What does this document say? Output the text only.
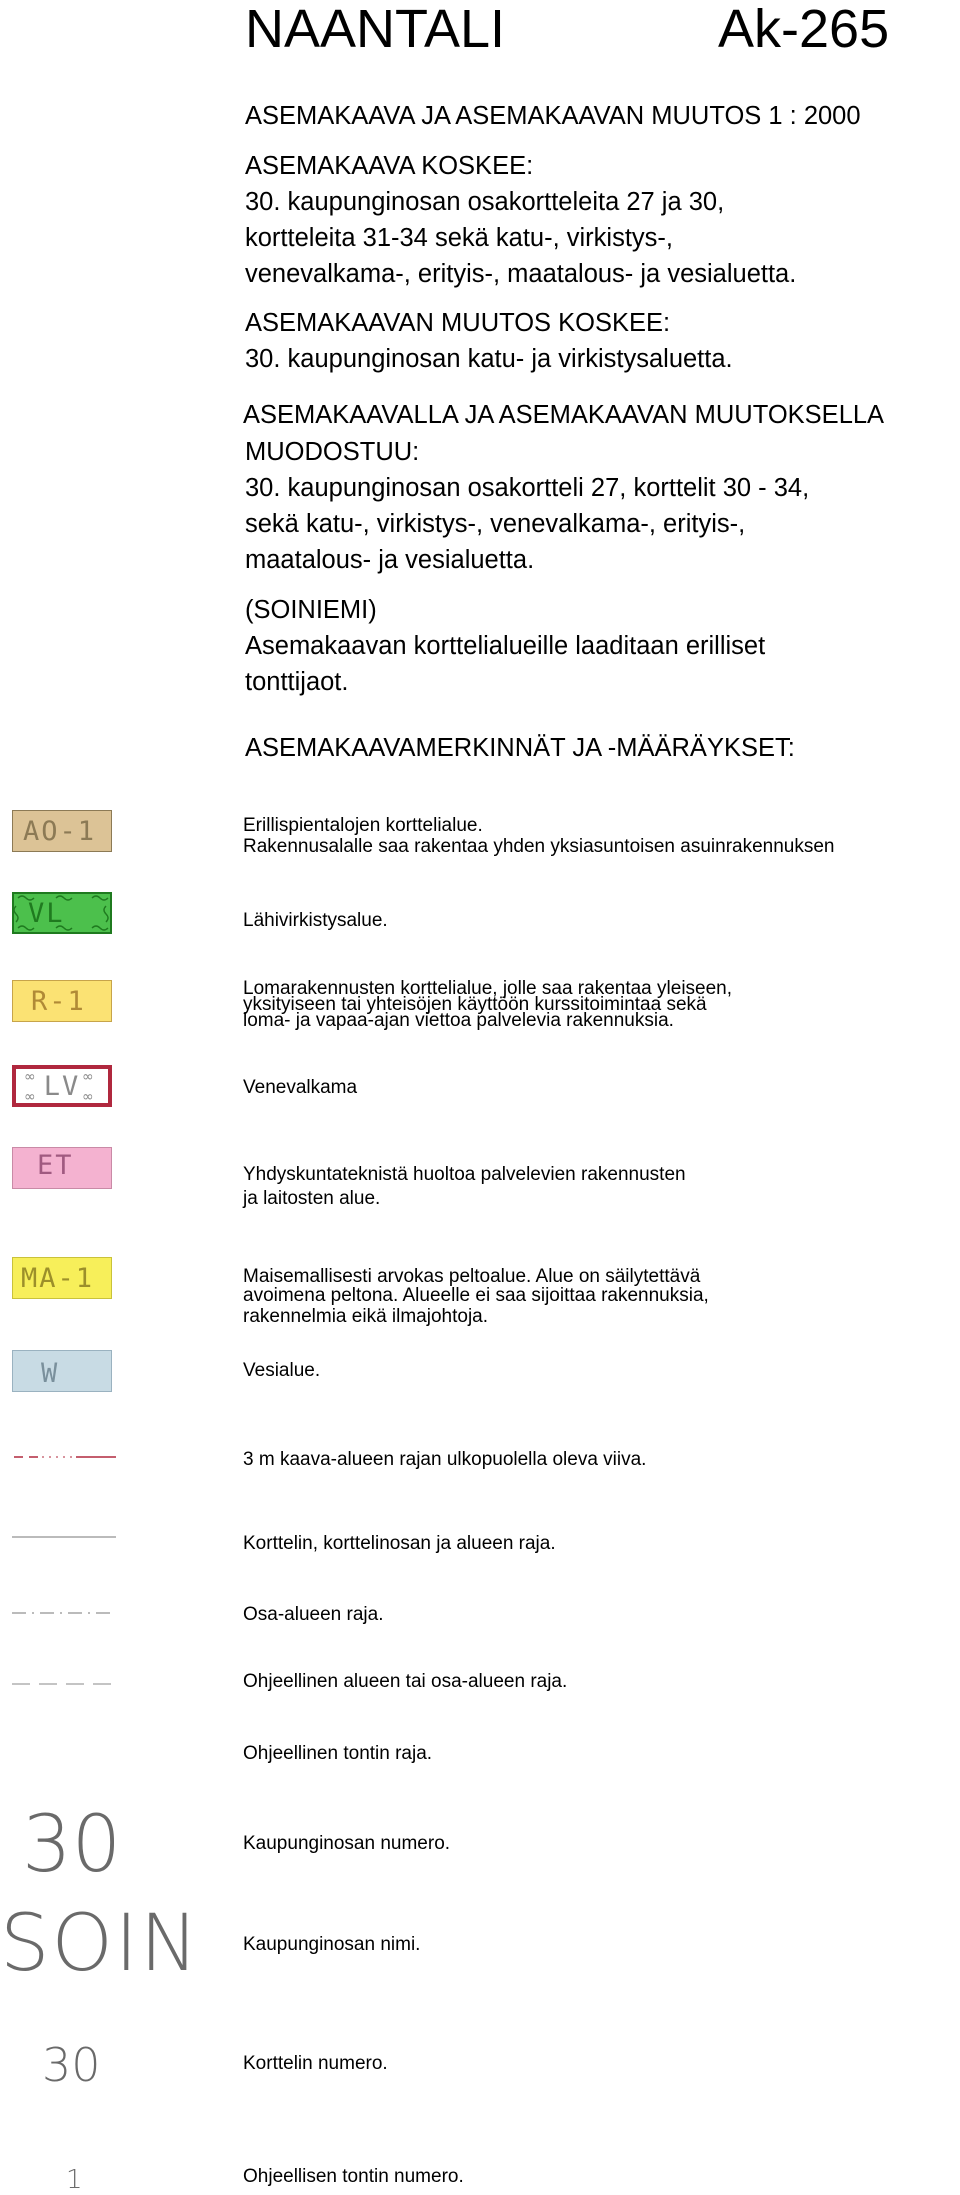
NAANTALI	Ak-265
ASEMAKAAVA JA ASEMAKAAVAN MUUTOS 1 : 2000
ASEMAKAAVA KOSKEE:
30. kaupunginosan osakortteleita 27 ja 30,
kortteleita 31-34 sekä katu-, virkistys-,
venevalkama-, erityis-, maatalous- ja vesialuetta.
ASEMAKAAVAN MUUTOS KOSKEE:
30. kaupunginosan katu- ja virkistysaluetta.
ASEMAKAAVALLA JA ASEMAKAAVAN MUUTOKSELLA
MUODOSTUU:
30. kaupunginosan osakortteli 27, korttelit 30 - 34,
sekä katu-, virkistys-, venevalkama-, erityis-,
maatalous- ja vesialuetta.
(SOINIEMI)
Asemakaavan korttelialueille laaditaan erilliset
tonttijaot.
ASEMAKAAVAMERKINNÄT JA -MÄÄRÄYKSET:
AO-1	Erillispientalojen korttelialue.
Rakennusalalle saa rakentaa yhden yksiasuntoisen asuinrakennuksen
VL	Lähivirkistysalue.
R-1	Lomarakennusten korttelialue, jolle saa rakentaa yleiseen,
yksityiseen tai yhteisöjen käyttöön kurssitoimintaa sekä
loma- ja vapaa-ajan viettoa palvelevia rakennuksia.
∞	∞
∞	∞
LV	Venevalkama
ET	Yhdyskuntateknistä huoltoa palvelevien rakennusten
ja laitosten alue.
MA-1	Maisemallisesti arvokas peltoalue. Alue on säilytettävä
avoimena peltona. Alueelle ei saa sijoittaa rakennuksia,
rakennelmia eikä ilmajohtoja.
W	Vesialue.
3 m kaava-alueen rajan ulkopuolella oleva viiva.
Korttelin, korttelinosan ja alueen raja.
Osa-alueen raja.
Ohjeellinen alueen tai osa-alueen raja.
Ohjeellinen tontin raja.
30	Kaupunginosan numero.
SOIN Kaupunginosan nimi.
30	Korttelin numero.
1	Ohjeellisen tontin numero.
